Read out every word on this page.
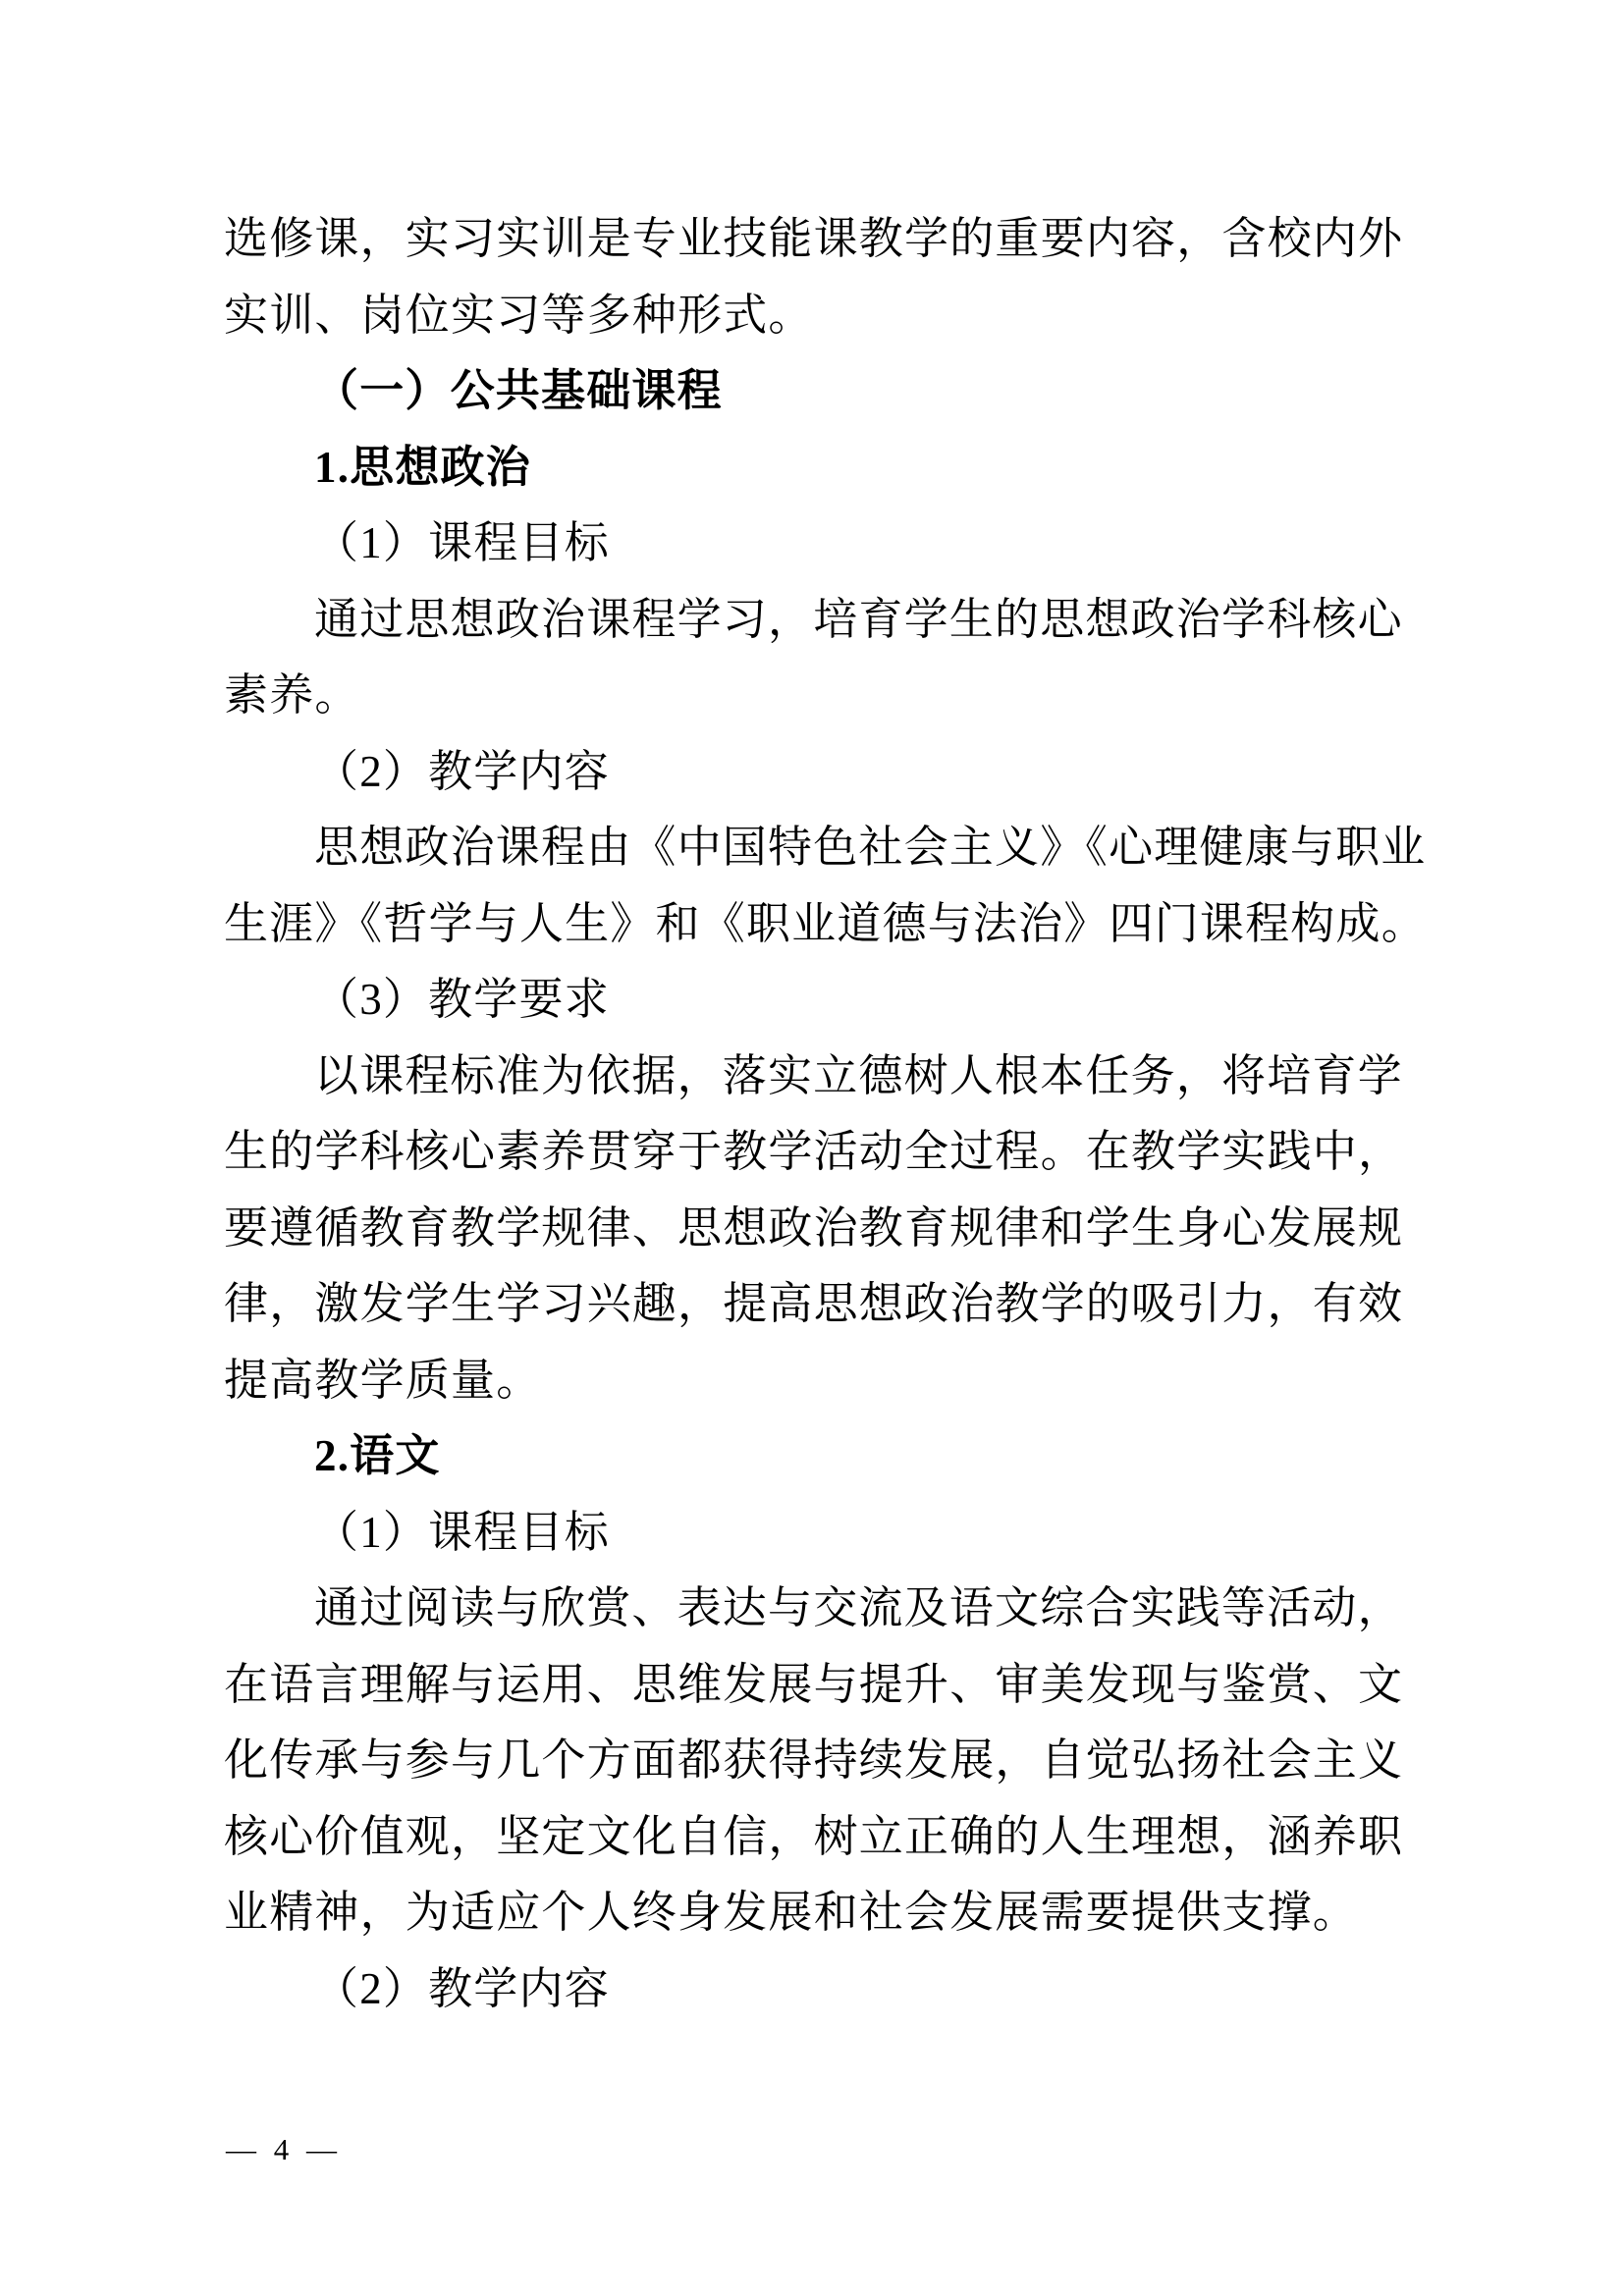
选修课，实习实训是专业技能课教学的重要内容，含校内外
实训、岗位实习等多种形式。
（一）公共基础课程
1.思想政治
（1）课程目标
通过思想政治课程学习，培育学生的思想政治学科核心
素养。
（2）教学内容
思想政治课程由《中国特色社会主义》《心理健康与职业
生涯》《哲学与人生》和《职业道德与法治》四门课程构成。
（3）教学要求
以课程标准为依据，落实立德树人根本任务，将培育学
生的学科核心素养贯穿于教学活动全过程。在教学实践中，
要遵循教育教学规律、思想政治教育规律和学生身心发展规
律，激发学生学习兴趣，提高思想政治教学的吸引力，有效
提高教学质量。
2.语文
（1）课程目标
通过阅读与欣赏、表达与交流及语文综合实践等活动，
在语言理解与运用、思维发展与提升、审美发现与鉴赏、文
化传承与参与几个方面都获得持续发展，自觉弘扬社会主义
核心价值观，坚定文化自信，树立正确的人生理想，涵养职
业精神，为适应个人终身发展和社会发展需要提供支撑。
（2）教学内容
— 4 —
